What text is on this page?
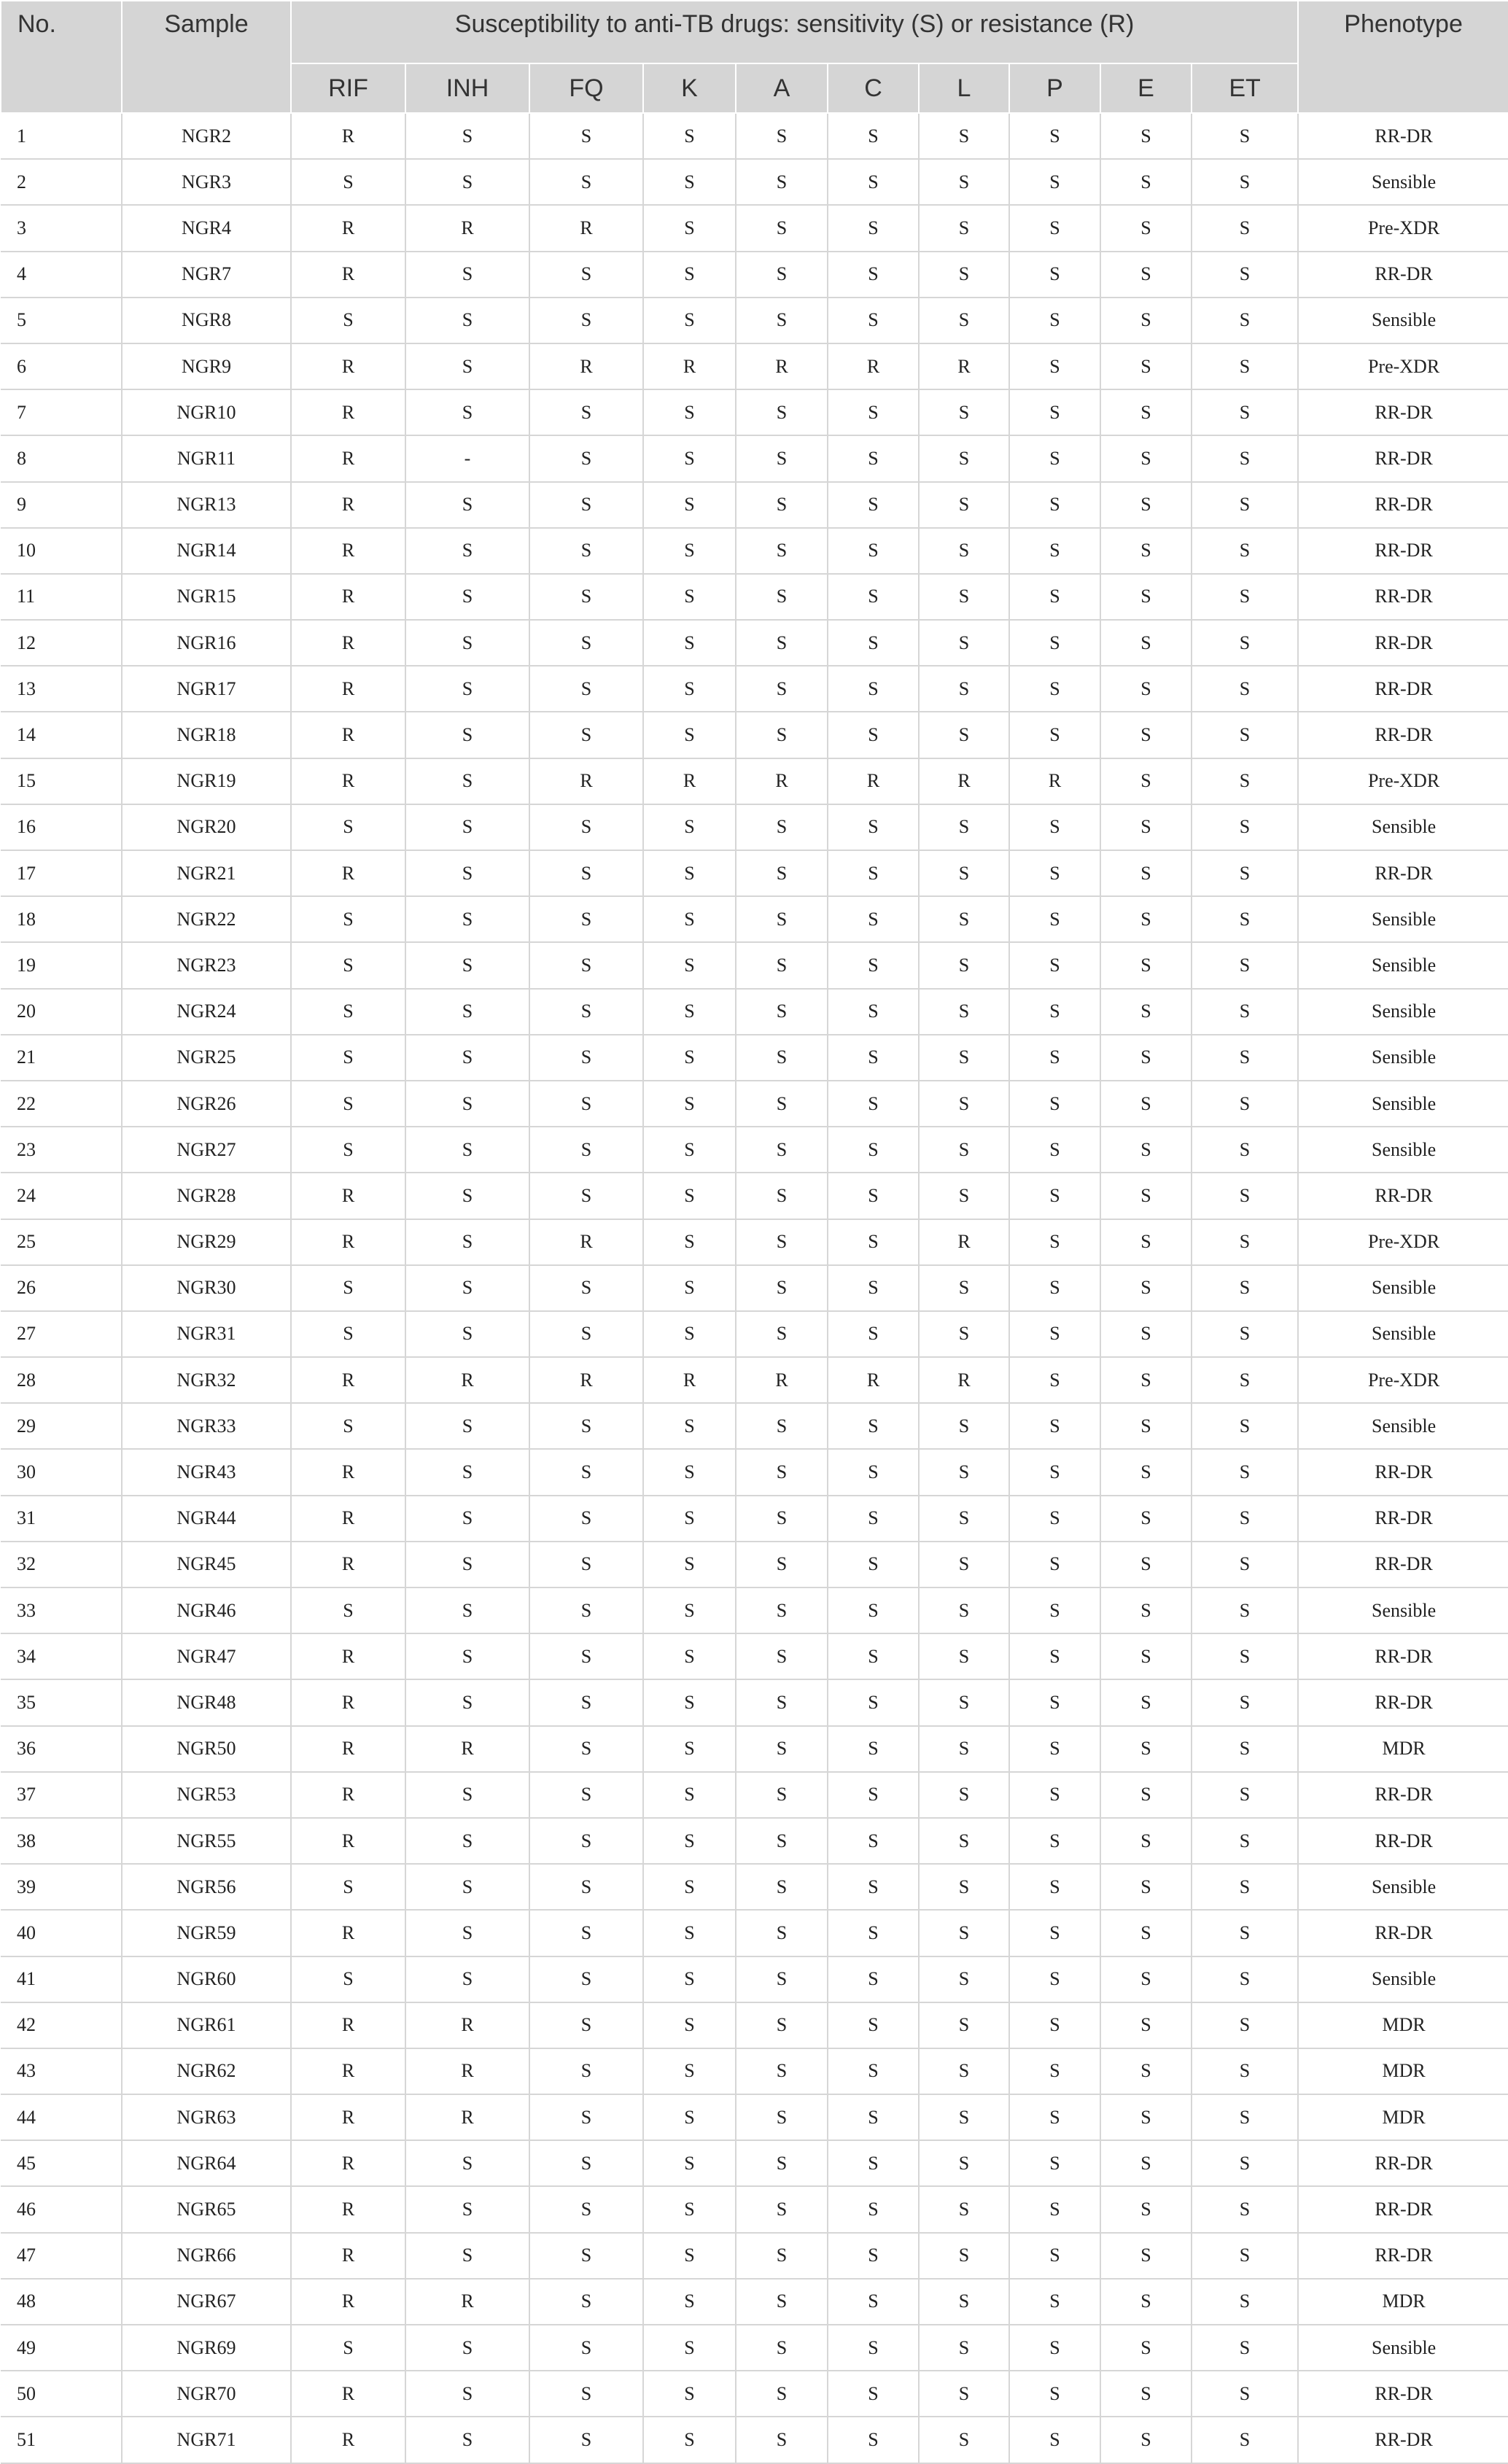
No.	Sample	Susceptibility to anti-TB drugs: sensitivity (S) or resistance (R)										Phenotype
		RIF	INH	FQ	K	A	C	L	P	E	ET	
1	NGR2	R	S	S	S	S	S	S	S	S	S	RR-DR
2	NGR3	S	S	S	S	S	S	S	S	S	S	Sensible
3	NGR4	R	R	R	S	S	S	S	S	S	S	Pre-XDR
4	NGR7	R	S	S	S	S	S	S	S	S	S	RR-DR
5	NGR8	S	S	S	S	S	S	S	S	S	S	Sensible
6	NGR9	R	S	R	R	R	R	R	S	S	S	Pre-XDR
7	NGR10	R	S	S	S	S	S	S	S	S	S	RR-DR
8	NGR11	R	-	S	S	S	S	S	S	S	S	RR-DR
9	NGR13	R	S	S	S	S	S	S	S	S	S	RR-DR
10	NGR14	R	S	S	S	S	S	S	S	S	S	RR-DR
11	NGR15	R	S	S	S	S	S	S	S	S	S	RR-DR
12	NGR16	R	S	S	S	S	S	S	S	S	S	RR-DR
13	NGR17	R	S	S	S	S	S	S	S	S	S	RR-DR
14	NGR18	R	S	S	S	S	S	S	S	S	S	RR-DR
15	NGR19	R	S	R	R	R	R	R	R	S	S	Pre-XDR
16	NGR20	S	S	S	S	S	S	S	S	S	S	Sensible
17	NGR21	R	S	S	S	S	S	S	S	S	S	RR-DR
18	NGR22	S	S	S	S	S	S	S	S	S	S	Sensible
19	NGR23	S	S	S	S	S	S	S	S	S	S	Sensible
20	NGR24	S	S	S	S	S	S	S	S	S	S	Sensible
21	NGR25	S	S	S	S	S	S	S	S	S	S	Sensible
22	NGR26	S	S	S	S	S	S	S	S	S	S	Sensible
23	NGR27	S	S	S	S	S	S	S	S	S	S	Sensible
24	NGR28	R	S	S	S	S	S	S	S	S	S	RR-DR
25	NGR29	R	S	R	S	S	S	R	S	S	S	Pre-XDR
26	NGR30	S	S	S	S	S	S	S	S	S	S	Sensible
27	NGR31	S	S	S	S	S	S	S	S	S	S	Sensible
28	NGR32	R	R	R	R	R	R	R	S	S	S	Pre-XDR
29	NGR33	S	S	S	S	S	S	S	S	S	S	Sensible
30	NGR43	R	S	S	S	S	S	S	S	S	S	RR-DR
31	NGR44	R	S	S	S	S	S	S	S	S	S	RR-DR
32	NGR45	R	S	S	S	S	S	S	S	S	S	RR-DR
33	NGR46	S	S	S	S	S	S	S	S	S	S	Sensible
34	NGR47	R	S	S	S	S	S	S	S	S	S	RR-DR
35	NGR48	R	S	S	S	S	S	S	S	S	S	RR-DR
36	NGR50	R	R	S	S	S	S	S	S	S	S	MDR
37	NGR53	R	S	S	S	S	S	S	S	S	S	RR-DR
38	NGR55	R	S	S	S	S	S	S	S	S	S	RR-DR
39	NGR56	S	S	S	S	S	S	S	S	S	S	Sensible
40	NGR59	R	S	S	S	S	S	S	S	S	S	RR-DR
41	NGR60	S	S	S	S	S	S	S	S	S	S	Sensible
42	NGR61	R	R	S	S	S	S	S	S	S	S	MDR
43	NGR62	R	R	S	S	S	S	S	S	S	S	MDR
44	NGR63	R	R	S	S	S	S	S	S	S	S	MDR
45	NGR64	R	S	S	S	S	S	S	S	S	S	RR-DR
46	NGR65	R	S	S	S	S	S	S	S	S	S	RR-DR
47	NGR66	R	S	S	S	S	S	S	S	S	S	RR-DR
48	NGR67	R	R	S	S	S	S	S	S	S	S	MDR
49	NGR69	S	S	S	S	S	S	S	S	S	S	Sensible
50	NGR70	R	S	S	S	S	S	S	S	S	S	RR-DR
51	NGR71	R	S	S	S	S	S	S	S	S	S	RR-DR
